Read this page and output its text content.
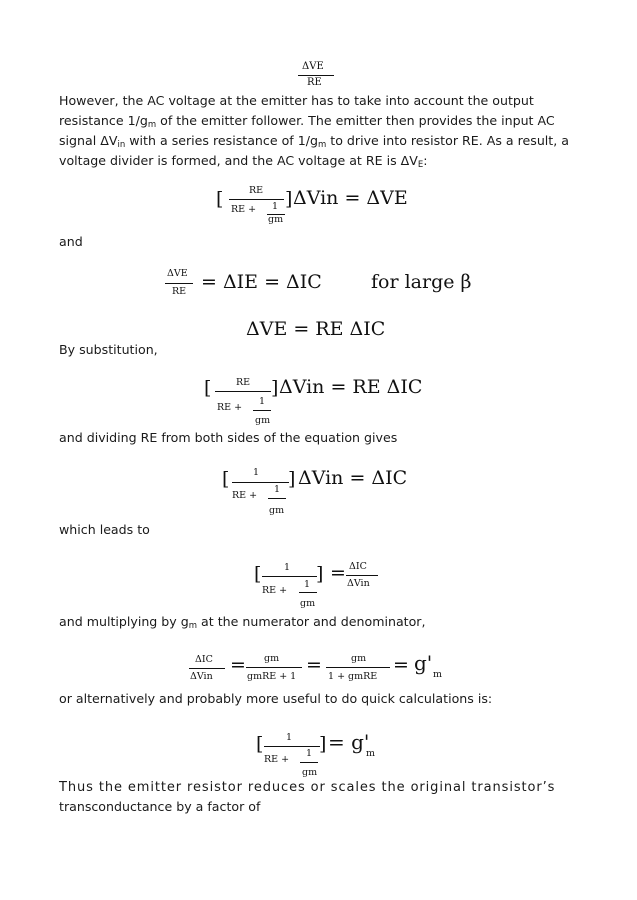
ΔVE
RE
However, the AC voltage at the emitter has to take into account the output
resistance $1/g_m$ of the emitter follower. The emitter then provides the input AC
signal $\Delta V_{in}$ with a series resistance of $1/g_m$ to drive into resistor RE. As a result, a
voltage divider is formed, and the AC voltage at RE is $\Delta V_E$:
[	RE
RE + 1
gm
] ΔVin = ΔVE
and
ΔVE
RE = ΔIE = ΔIC	for large β
ΔVE = RE ΔIC
By substitution,
[	RE
RE +
1
gm
] ΔVin = RE ΔIC
and dividing RE from both sides of the equation gives
[ 1
RE +
1
gm
] ΔVin = ΔIC
which leads to
[ 1
RE +
1
gm
] = ΔIC
ΔVin
and multiplying by $g_m$ at the numerator and denominator,
ΔIC
ΔVin
= gm
gmRE + 1
=	gm
1 + gmRE
= g' m
or alternatively and probably more useful to do quick calculations is:
[ 1
RE +
1
gm
] = g'
m
Thus the emitter resistor reduces or scales the original transistor’s
transconductance by a factor of
